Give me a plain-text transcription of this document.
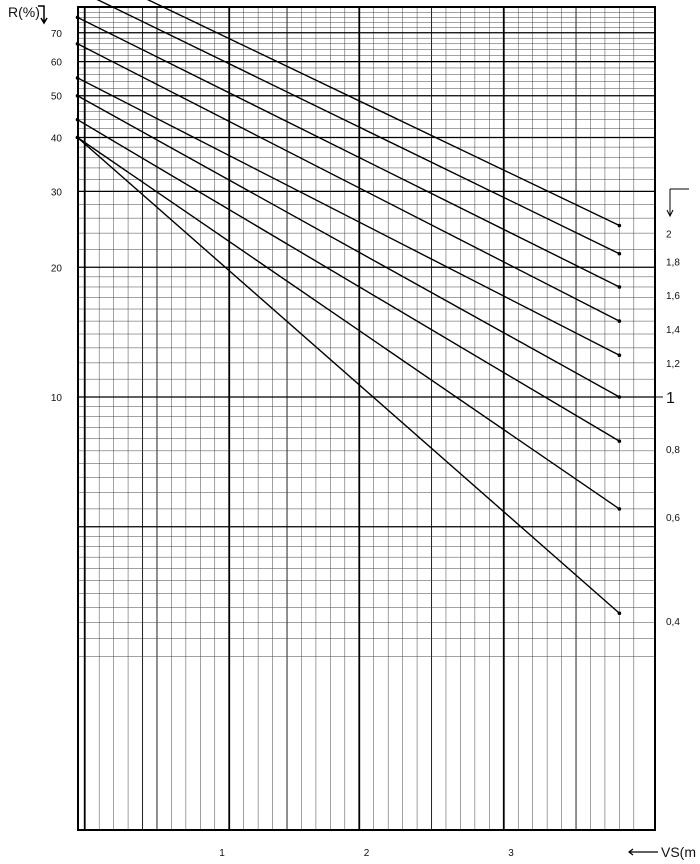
1	2	3
70
60
50
40
30
20
10
2
1,8
1,6
1,4
1,2
1
0,8
0,6
0,4
R(%)
VS(m
